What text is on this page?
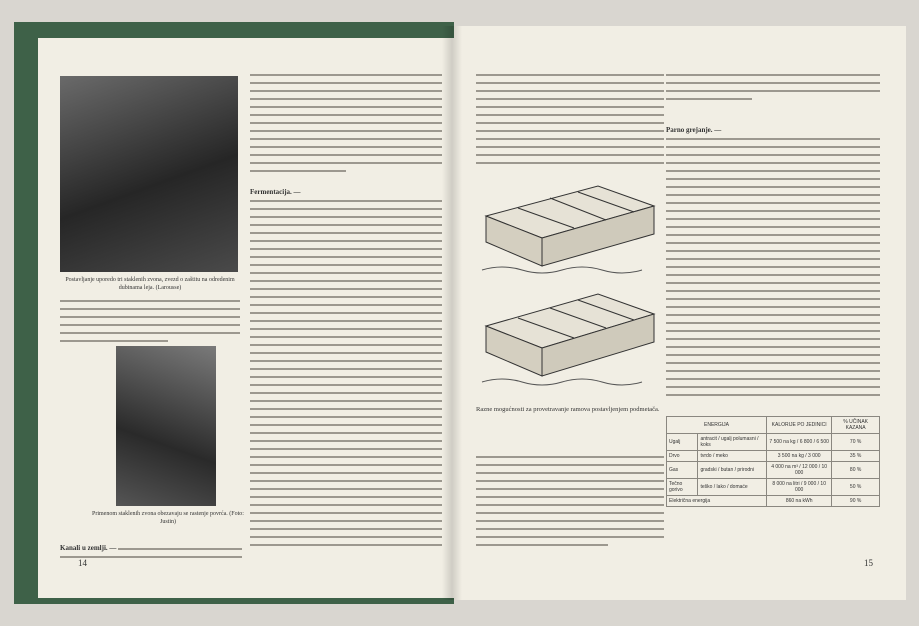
Postavljanje uporedo tri staklenih zvona, zvezd o zaštitu na odredenim dubinama leja. (Larousse)
Primenom staklenih zvona obezavaju se rastenje povrća. (Foto: Justin)
Kanali u zemlji. —
Fermentacija. —
14
Razne mogućnosti za provetravanje ramova postavljenjem podmetača.
Parno grejanje. —
ENERGIJA		KALORIJE PO JEDINICI	% UČINAK KAZANA
Ugalj	antracit / ugalj polumasni / koks	7 500 na kg / 6 800 / 6 500	70 %
Drvo	tvrdo / meko	3 500 na kg / 3 000	35 %
Gas	gradski / butan / prirodni	4 000 na m³ / 12 000 / 10 000	80 %
Tečno gorivo	teško / lako / domaće	8 000 na litri / 9 000 / 10 000	50 %
Električna energija		860 na kWh	90 %
15
